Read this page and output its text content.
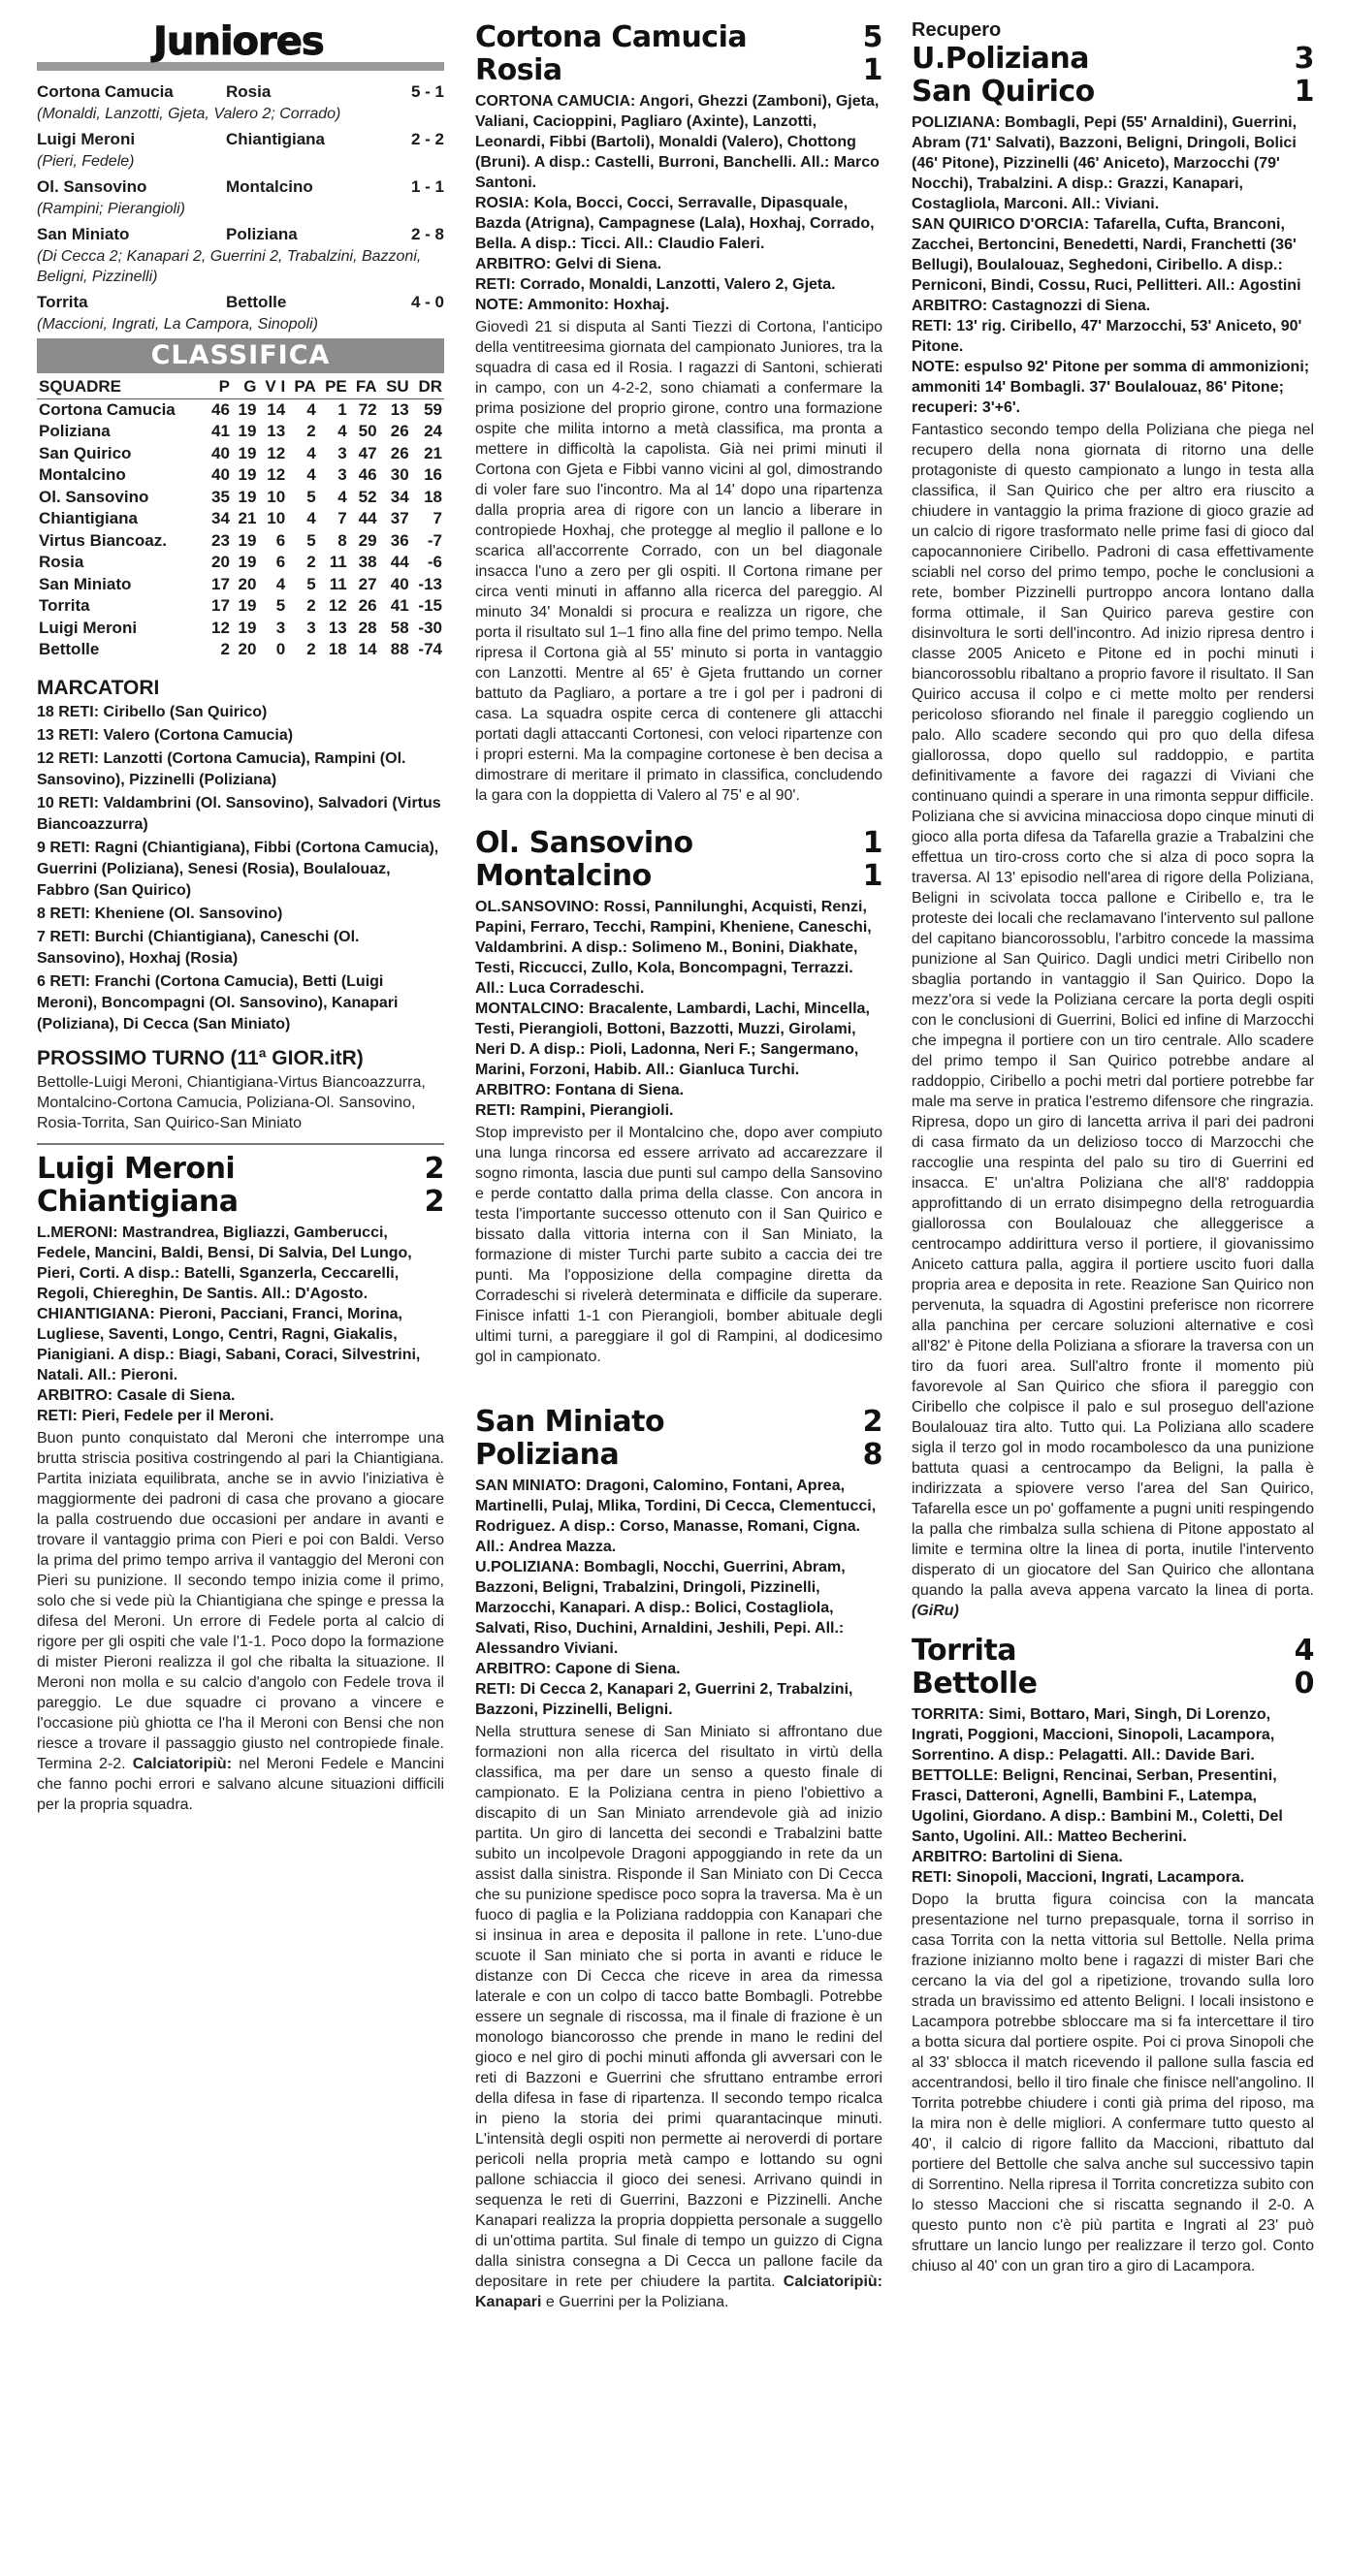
Juniores
Cortona Camucia	Rosia	5 - 1
(Monaldi, Lanzotti, Gjeta, Valero 2; Corrado)
Luigi Meroni	Chiantigiana	2 - 2
(Pieri, Fedele)
Ol. Sansovino	Montalcino	1 - 1
(Rampini; Pierangioli)
San Miniato	Poliziana	2 - 8
(Di Cecca 2; Kanapari 2, Guerrini 2, Trabalzini, Bazzoni, Beligni, Pizzinelli)
Torrita	Bettolle	4 - 0
(Maccioni, Ingrati, La Campora, Sinopoli)
CLASSIFICA
SQUADRE	P	G	V I	PA	PE	FA	SU	DR
Cortona Camucia	46	19	14	4	1	72	13	59
Poliziana	41	19	13	2	4	50	26	24
San Quirico	40	19	12	4	3	47	26	21
Montalcino	40	19	12	4	3	46	30	16
Ol. Sansovino	35	19	10	5	4	52	34	18
Chiantigiana	34	21	10	4	7	44	37	7
Virtus Biancoaz.	23	19	6	5	8	29	36	-7
Rosia	20	19	6	2	11	38	44	-6
San Miniato	17	20	4	5	11	27	40	-13
Torrita	17	19	5	2	12	26	41	-15
Luigi Meroni	12	19	3	3	13	28	58	-30
Bettolle	2	20	0	2	18	14	88	-74
MARCATORI

18 RETI: Ciribello (San Quirico)

13 RETI: Valero (Cortona Camucia)

12 RETI: Lanzotti (Cortona Camucia), Rampini (Ol. Sansovino), Pizzinelli (Poliziana)

10 RETI: Valdambrini (Ol. Sansovino), Salvadori (Virtus Biancoazzurra)

9 RETI: Ragni (Chiantigiana), Fibbi (Cortona Camucia), Guerrini (Poliziana), Senesi (Rosia), Boulalouaz, Fabbro (San Quirico)

8 RETI: Kheniene (Ol. Sansovino)

7 RETI: Burchi (Chiantigiana), Caneschi (Ol. Sansovino), Hoxhaj (Rosia)

6 RETI: Franchi (Cortona Camucia), Betti (Luigi Meroni), Boncompagni (Ol. Sansovino), Kanapari (Poliziana), Di Cecca (San Miniato)

PROSSIMO TURNO (11ª GIOR.itR)
Bettolle-Luigi Meroni, Chiantigiana-Virtus Biancoazzurra, Montalcino-Cortona Camucia, Poliziana-Ol. Sansovino, Rosia-Torrita, San Quirico-San Miniato
Luigi Meroni	2
Chiantigiana	2

L.MERONI: Mastrandrea, Bigliazzi, Gamberucci, Fedele, Mancini, Baldi, Bensi, Di Salvia, Del Lungo, Pieri, Corti. A disp.: Batelli, Sganzerla, Ceccarelli, Regoli, Chiereghin, De Santis. All.: D'Agosto.

CHIANTIGIANA: Pieroni, Pacciani, Franci, Morina, Lugliese, Saventi, Longo, Centri, Ragni, Giakalis, Pianigiani. A disp.: Biagi, Sabani, Coraci, Silvestrini, Natali. All.: Pieroni.

ARBITRO: Casale di Siena.

RETI: Pieri, Fedele per il Meroni.

Buon punto conquistato dal Meroni che interrompe una brutta striscia positiva costringendo al pari la Chiantigiana. Partita iniziata equilibrata, anche se in avvio l'iniziativa è maggiormente dei padroni di casa che provano a giocare la palla costruendo due occasioni per andare in avanti e trovare il vantaggio prima con Pieri e poi con Baldi. Verso la prima del primo tempo arriva il vantaggio del Meroni con Pieri su punizione. Il secondo tempo inizia come il primo, solo che si vede più la Chiantigiana che spinge e pressa la difesa del Meroni. Un errore di Fedele porta al calcio di rigore per gli ospiti che vale l'1-1. Poco dopo la formazione di mister Pieroni realizza il gol che ribalta la situazione. Il Meroni non molla e su calcio d'angolo con Fedele trova il pareggio. Le due squadre ci provano a vincere e l'occasione più ghiotta ce l'ha il Meroni con Bensi che non riesce a trovare il passaggio giusto nel contropiede finale. Termina 2-2. Calciatoripiù: nel Meroni Fedele e Mancini che fanno pochi errori e salvano alcune situazioni difficili per la propria squadra.
Cortona Camucia	5
Rosia	1

CORTONA CAMUCIA: Angori, Ghezzi (Zamboni), Gjeta, Valiani, Cacioppini, Pagliaro (Axinte), Lanzotti, Leonardi, Fibbi (Bartoli), Monaldi (Valero), Chottong (Bruni). A disp.: Castelli, Burroni, Banchelli. All.: Marco Santoni.

ROSIA: Kola, Bocci, Cocci, Serravalle, Dipasquale, Bazda (Atrigna), Campagnese (Lala), Hoxhaj, Corrado, Bella. A disp.: Ticci. All.: Claudio Faleri.

ARBITRO: Gelvi di Siena.

RETI: Corrado, Monaldi, Lanzotti, Valero 2, Gjeta.

NOTE: Ammonito: Hoxhaj.

Giovedì 21 si disputa al Santi Tiezzi di Cortona, l'anticipo della ventitreesima giornata del campionato Juniores, tra la squadra di casa ed il Rosia. I ragazzi di Santoni, schierati in campo, con un 4-2-2, sono chiamati a confermare la prima posizione del proprio girone, contro una formazione ospite che milita intorno a metà classifica, ma pronta a mettere in difficoltà la capolista. Già nei primi minuti il Cortona con Gjeta e Fibbi vanno vicini al gol, dimostrando di voler fare suo l'incontro. Ma al 14' dopo una ripartenza dalla propria area di rigore con un lancio a liberare in contropiede Hoxhaj, che protegge al meglio il pallone e lo scarica all'accorrente Corrado, con un bel diagonale insacca l'uno a zero per gli ospiti. Il Cortona rimane per circa venti minuti in affanno alla ricerca del pareggio. Al minuto 34' Monaldi si procura e realizza un rigore, che porta il risultato sul 1–1 fino alla fine del primo tempo. Nella ripresa il Cortona già al 55' minuto si porta in vantaggio con Lanzotti. Mentre al 65' è Gjeta fruttando un corner battuto da Pagliaro, a portare a tre i gol per i padroni di casa. La squadra ospite cerca di contenere gli attacchi portati dagli attaccanti Cortonesi, con veloci ripartenze con i propri esterni. Ma la compagine cortonese è ben decisa a dimostrare di meritare il primato in classifica, concludendo la gara con la doppietta di Valero al 75' e al 90'.
Ol. Sansovino	1
Montalcino	1

OL.SANSOVINO: Rossi, Pannilunghi, Acquisti, Renzi, Papini, Ferraro, Tecchi, Rampini, Kheniene, Caneschi, Valdambrini. A disp.: Solimeno M., Bonini, Diakhate, Testi, Riccucci, Zullo, Kola, Boncompagni, Terrazzi. All.: Luca Corradeschi.

MONTALCINO: Bracalente, Lambardi, Lachi, Mincella, Testi, Pierangioli, Bottoni, Bazzotti, Muzzi, Girolami, Neri D. A disp.: Pioli, Ladonna, Neri F.; Sangermano, Marini, Forzoni, Habib. All.: Gianluca Turchi.

ARBITRO: Fontana di Siena.

RETI: Rampini, Pierangioli.

Stop imprevisto per il Montalcino che, dopo aver compiuto una lunga rincorsa ed essere arrivato ad accarezzare il sogno rimonta, lascia due punti sul campo della Sansovino e perde contatto dalla prima della classe. Con ancora in testa l'importante successo ottenuto con il San Quirico e bissato dalla vittoria interna con il San Miniato, la formazione di mister Turchi parte subito a caccia dei tre punti. Ma l'opposizione della compagine diretta da Corradeschi si rivelerà determinata e difficile da superare. Finisce infatti 1-1 con Pierangioli, bomber abituale degli ultimi turni, a pareggiare il gol di Rampini, al dodicesimo gol in campionato.
San Miniato	2
Poliziana	8

SAN MINIATO: Dragoni, Calomino, Fontani, Aprea, Martinelli, Pulaj, Mlika, Tordini, Di Cecca, Clementucci, Rodriguez. A disp.: Corso, Manasse, Romani, Cigna. All.: Andrea Mazza.

U.POLIZIANA: Bombagli, Nocchi, Guerrini, Abram, Bazzoni, Beligni, Trabalzini, Dringoli, Pizzinelli, Marzocchi, Kanapari. A disp.: Bolici, Costagliola, Salvati, Riso, Duchini, Arnaldini, Jeshili, Pepi. All.: Alessandro Viviani.

ARBITRO: Capone di Siena.

RETI: Di Cecca 2, Kanapari 2, Guerrini 2, Trabalzini, Bazzoni, Pizzinelli, Beligni.

Nella struttura senese di San Miniato si affrontano due formazioni non alla ricerca del risultato in virtù della classifica, ma per dare un senso a questo finale di campionato. E la Poliziana centra in pieno l'obiettivo a discapito di un San Miniato arrendevole già ad inizio partita. Un giro di lancetta dei secondi e Trabalzini batte subito un incolpevole Dragoni appoggiando in rete da un assist dalla sinistra. Risponde il San Miniato con Di Cecca che su punizione spedisce poco sopra la traversa. Ma è un fuoco di paglia e la Poliziana raddoppia con Kanapari che si insinua in area e deposita il pallone in rete. L'uno-due scuote il San miniato che si porta in avanti e riduce le distanze con Di Cecca che riceve in area da rimessa laterale e con un colpo di tacco batte Bombagli. Potrebbe essere un segnale di riscossa, ma il finale di frazione è un monologo biancorosso che prende in mano le redini del gioco e nel giro di pochi minuti affonda gli avversari con le reti di Bazzoni e Guerrini che sfruttano entrambe errori della difesa in fase di ripartenza. Il secondo tempo ricalca in pieno la storia dei primi quarantacinque minuti. L'intensità degli ospiti non permette ai neroverdi di portare pericoli nella propria metà campo e lottando su ogni pallone schiaccia il gioco dei senesi. Arrivano quindi in sequenza le reti di Guerrini, Bazzoni e Pizzinelli. Anche Kanapari realizza la propria doppietta personale a suggello di un'ottima partita. Sul finale di tempo un guizzo di Cigna dalla sinistra consegna a Di Cecca un pallone facile da depositare in rete per chiudere la partita. Calciatoripiù: Kanapari e Guerrini per la Poliziana.
Recupero
U.Poliziana	3
San Quirico	1

POLIZIANA: Bombagli, Pepi (55' Arnaldini), Guerrini, Abram (71' Salvati), Bazzoni, Beligni, Dringoli, Bolici (46' Pitone), Pizzinelli (46' Aniceto), Marzocchi (79' Nocchi), Trabalzini. A disp.: Grazzi, Kanapari, Costagliola, Marconi. All.: Viviani.

SAN QUIRICO D'ORCIA: Tafarella, Cufta, Branconi, Zacchei, Bertoncini, Benedetti, Nardi, Franchetti (36' Bellugi), Boulalouaz, Seghedoni, Ciribello. A disp.: Perniconi, Bindi, Cossu, Ruci, Pellitteri. All.: Agostini

ARBITRO: Castagnozzi di Siena.

RETI: 13' rig. Ciribello, 47' Marzocchi, 53' Aniceto, 90' Pitone.

NOTE: espulso 92' Pitone per somma di ammonizioni; ammoniti 14' Bombagli. 37' Boulalouaz, 86' Pitone; recuperi: 3'+6'.

Fantastico secondo tempo della Poliziana che piega nel recupero della nona giornata di ritorno una delle protagoniste di questo campionato a lungo in testa alla classifica, il San Quirico che per altro era riuscito a chiudere in vantaggio la prima frazione di gioco grazie ad un calcio di rigore trasformato nelle prime fasi di gioco dal capocannoniere Ciribello. Padroni di casa effettivamente sciabli nel corso del primo tempo, poche le conclusioni a rete, bomber Pizzinelli purtroppo ancora lontano dalla forma ottimale, il San Quirico pareva gestire con disinvoltura le sorti dell'incontro. Ad inizio ripresa dentro i classe 2005 Aniceto e Pitone ed in pochi minuti i biancorossoblu ribaltano a proprio favore il risultato. Il San Quirico accusa il colpo e ci mette molto per rendersi pericoloso sfiorando nel finale il pareggio cogliendo un palo. Allo scadere secondo qui pro quo della difesa giallorossa, dopo quello sul raddoppio, e partita definitivamente a favore dei ragazzi di Viviani che continuano quindi a sperare in una rimonta seppur difficile. Poliziana che si avvicina minacciosa dopo cinque minuti di gioco alla porta difesa da Tafarella grazie a Trabalzini che effettua un tiro-cross corto che si alza di poco sopra la traversa. Al 13' episodio nell'area di rigore della Poliziana, Beligni in scivolata tocca pallone e Ciribello e, tra le proteste dei locali che reclamavano l'intervento sul pallone del capitano biancorossoblu, l'arbitro concede la massima punizione al San Quirico. Dagli undici metri Ciribello non sbaglia portando in vantaggio il San Quirico. Dopo la mezz'ora si vede la Poliziana cercare la porta degli ospiti con le conclusioni di Guerrini, Bolici ed infine di Marzocchi che impegna il portiere con un tiro centrale. Allo scadere del primo tempo il San Quirico potrebbe andare al raddoppio, Ciribello a pochi metri dal portiere potrebbe far male ma serve in pratica l'estremo difensore che ringrazia. Ripresa, dopo un giro di lancetta arriva il pari dei padroni di casa firmato da un delizioso tocco di Marzocchi che raccoglie una respinta del palo su tiro di Guerrini ed insacca. E' un'altra Poliziana che all'8' raddoppia approfittando di un errato disimpegno della retroguardia giallorossa con Boulalouaz che alleggerisce a centrocampo addirittura verso il portiere, il giovanissimo Aniceto cattura palla, aggira il portiere uscito fuori dalla propria area e deposita in rete. Reazione San Quirico non pervenuta, la squadra di Agostini preferisce non ricorrere alla panchina per cercare soluzioni alternative e così all'82' è Pitone della Poliziana a sfiorare la traversa con un tiro da fuori area. Sull'altro fronte il momento più favorevole al San Quirico che sfiora il pareggio con Ciribello che colpisce il palo e sul proseguo dell'azione Boulalouaz tira alto. Tutto qui. La Poliziana allo scadere sigla il terzo gol in modo rocambolesco da una punizione battuta quasi a centrocampo da Beligni, la palla è indirizzata a spiovere verso l'area del San Quirico, Tafarella esce un po' goffamente a pugni uniti respingendo la palla che rimbalza sulla schiena di Pitone appostato al limite e termina oltre la linea di porta, inutile l'intervento disperato di un giocatore del San Quirico che allontana quando la palla aveva appena varcato la linea di porta. (GiRu)
Torrita	4
Bettolle	0

TORRITA: Simi, Bottaro, Mari, Singh, Di Lorenzo, Ingrati, Poggioni, Maccioni, Sinopoli, Lacampora, Sorrentino. A disp.: Pelagatti. All.: Davide Bari.

BETTOLLE: Beligni, Rencinai, Serban, Presentini, Frasci, Datteroni, Agnelli, Bambini F., Latempa, Ugolini, Giordano. A disp.: Bambini M., Coletti, Del Santo, Ugolini. All.: Matteo Becherini.

ARBITRO: Bartolini di Siena.

RETI: Sinopoli, Maccioni, Ingrati, Lacampora.

Dopo la brutta figura coincisa con la mancata presentazione nel turno prepasquale, torna il sorriso in casa Torrita con la netta vittoria sul Bettolle. Nella prima frazione inizianno molto bene i ragazzi di mister Bari che cercano la via del gol a ripetizione, trovando sulla loro strada un bravissimo ed attento Beligni. I locali insistono e Lacampora potrebbe sbloccare ma si fa intercettare il tiro a botta sicura dal portiere ospite. Poi ci prova Sinopoli che al 33' sblocca il match ricevendo il pallone sulla fascia ed accentrandosi, bello il tiro finale che finisce nell'angolino. Il Torrita potrebbe chiudere i conti già prima del riposo, ma la mira non è delle migliori. A confermare tutto questo al 40', il calcio di rigore fallito da Maccioni, ribattuto dal portiere del Bettolle che salva anche sul successivo tapin di Sorrentino. Nella ripresa il Torrita concretizza subito con lo stesso Maccioni che si riscatta segnando il 2-0. A questo punto non c'è più partita e Ingrati al 23' può sfruttare un lancio lungo per realizzare il terzo gol. Conto chiuso al 40' con un gran tiro a giro di Lacampora.
